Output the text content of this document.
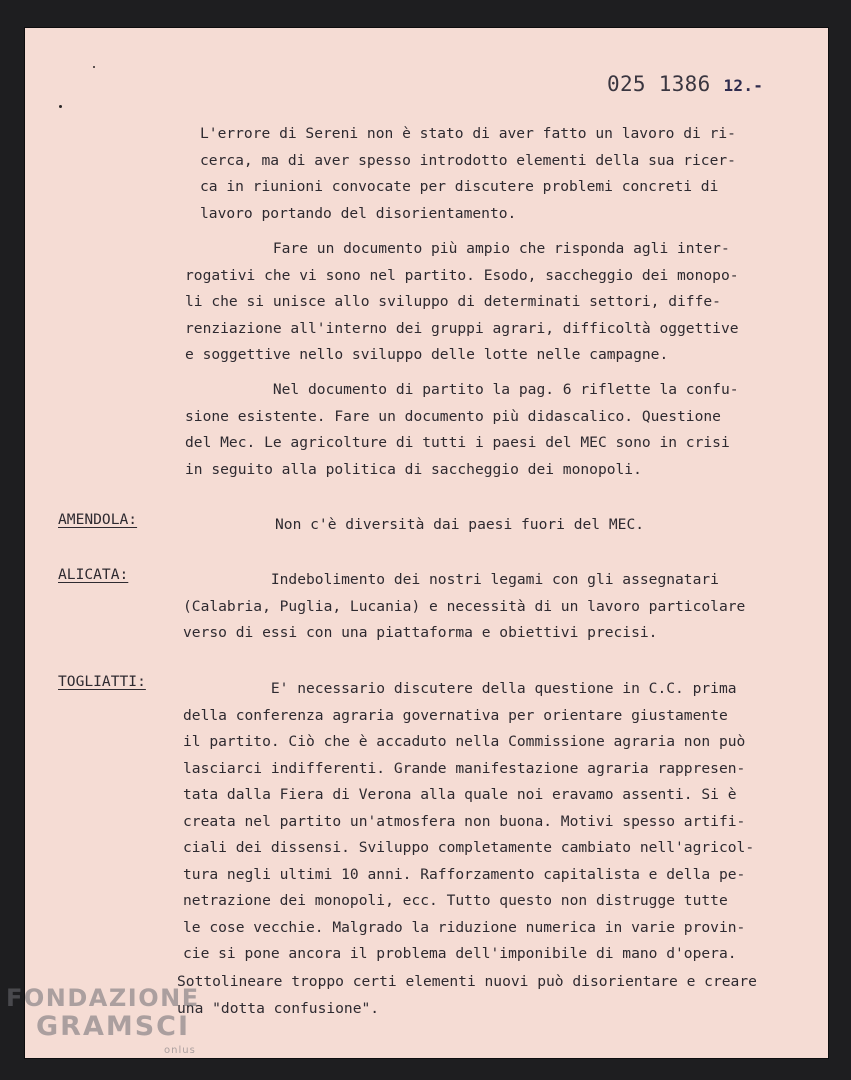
025 1386 12.-

L'errore di Sereni non è stato di aver fatto un lavoro di ri-
cerca, ma di aver spesso introdotto elementi della sua ricer-
ca in riunioni convocate per discutere problemi concreti di
lavoro portando del disorientamento.

Fare un documento più ampio che risponda agli inter-
rogativi che vi sono nel partito. Esodo, saccheggio dei monopo-
li che si unisce allo sviluppo di determinati settori, diffe-
renziazione all'interno dei gruppi agrari, difficoltà oggettive
e soggettive nello sviluppo delle lotte nelle campagne.

Nel documento di partito la pag. 6 riflette la confu-
sione esistente. Fare un documento più didascalico. Questione
del Mec. Le agricolture di tutti i paesi del MEC sono in crisi
in seguito alla politica di saccheggio dei monopoli.

AMENDOLA:	Non c'è diversità dai paesi fuori del MEC.

ALICATA:	Indebolimento dei nostri legami con gli assegnatari
(Calabria, Puglia, Lucania) e necessità di un lavoro particolare
verso di essi con una piattaforma e obiettivi precisi.

TOGLIATTI:	E' necessario discutere della questione in C.C. prima
della conferenza agraria governativa per orientare giustamente
il partito. Ciò che è accaduto nella Commissione agraria non può
lasciarci indifferenti. Grande manifestazione agraria rappresen-
tata dalla Fiera di Verona alla quale noi eravamo assenti. Si è
creata nel partito un'atmosfera non buona. Motivi spesso artifi-
ciali dei dissensi. Sviluppo completamente cambiato nell'agricol-
tura negli ultimi 10 anni. Rafforzamento capitalista e della pe-
netrazione dei monopoli, ecc. Tutto questo non distrugge tutte
le cose vecchie. Malgrado la riduzione numerica in varie provin-
cie si pone ancora il problema dell'imponibile di mano d'opera.

Sottolineare troppo certi elementi nuovi può disorientare e creare
una "dotta confusione".

FONDAZIONE
GRAMSCI
onlus
